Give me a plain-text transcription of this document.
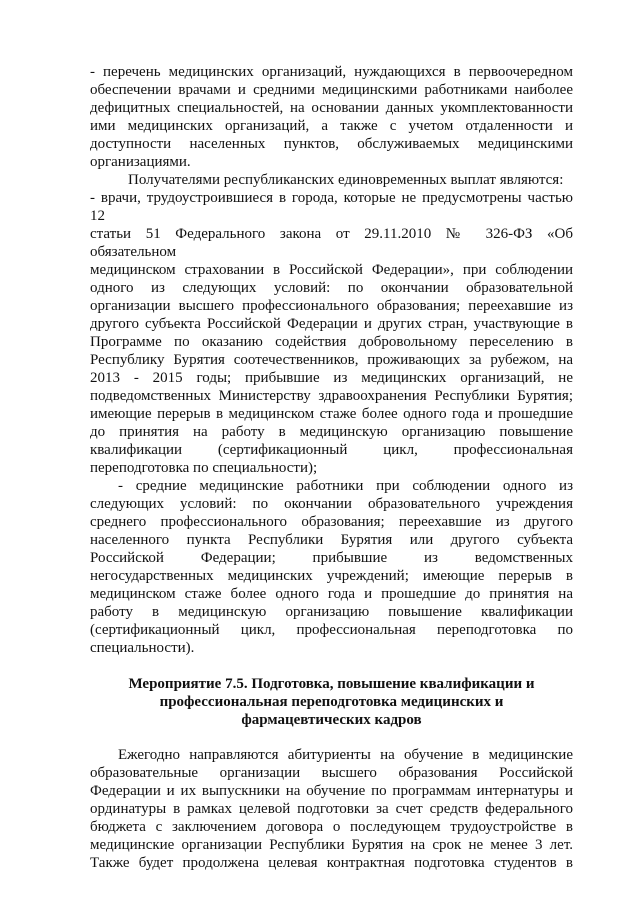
- перечень медицинских организаций, нуждающихся в первоочередном
обеспечении врачами и средними медицинскими работниками наиболее
дефицитных специальностей, на основании данных укомплектованности
ими медицинских организаций, а также с учетом отдаленности и
доступности населенных пунктов, обслуживаемых медицинскими
организациями.
Получателями республиканских единовременных выплат являются:
- врачи, трудоустроившиеся в города, которые не предусмотрены частью
12
статьи 51 Федерального закона от 29.11.2010 № 326-ФЗ «Об
обязательном
медицинском страховании в Российской Федерации», при соблюдении
одного из следующих условий: по окончании образовательной
организации высшего профессионального образования; переехавшие из
другого субъекта Российской Федерации и других стран, участвующие в
Программе по оказанию содействия добровольному переселению в
Республику Бурятия соотечественников, проживающих за рубежом, на
2013 - 2015 годы; прибывшие из медицинских организаций, не
подведомственных Министерству здравоохранения Республики Бурятия;
имеющие перерыв в медицинском стаже более одного года и прошедшие
до принятия на работу в медицинскую организацию повышение
квалификации (сертификационный цикл, профессиональная
переподготовка по специальности);
- средние медицинские работники при соблюдении одного из
следующих условий: по окончании образовательного учреждения
среднего профессионального образования; переехавшие из другого
населенного пункта Республики Бурятия или другого субъекта
Российской Федерации; прибывшие из ведомственных
негосударственных медицинских учреждений; имеющие перерыв в
медицинском стаже более одного года и прошедшие до принятия на
работу в медицинскую организацию повышение квалификации
(сертификационный цикл, профессиональная переподготовка по
специальности).
Мероприятие 7.5. Подготовка, повышение квалификации и
профессиональная переподготовка медицинских и
фармацевтических кадров
Ежегодно направляются абитуриенты на обучение в медицинские
образовательные организации высшего образования Российской
Федерации и их выпускники на обучение по программам интернатуры и
ординатуры в рамках целевой подготовки за счет средств федерального
бюджета с заключением договора о последующем трудоустройстве в
медицинские организации Республики Бурятия на срок не менее 3 лет.
Также будет продолжена целевая контрактная подготовка студентов в
